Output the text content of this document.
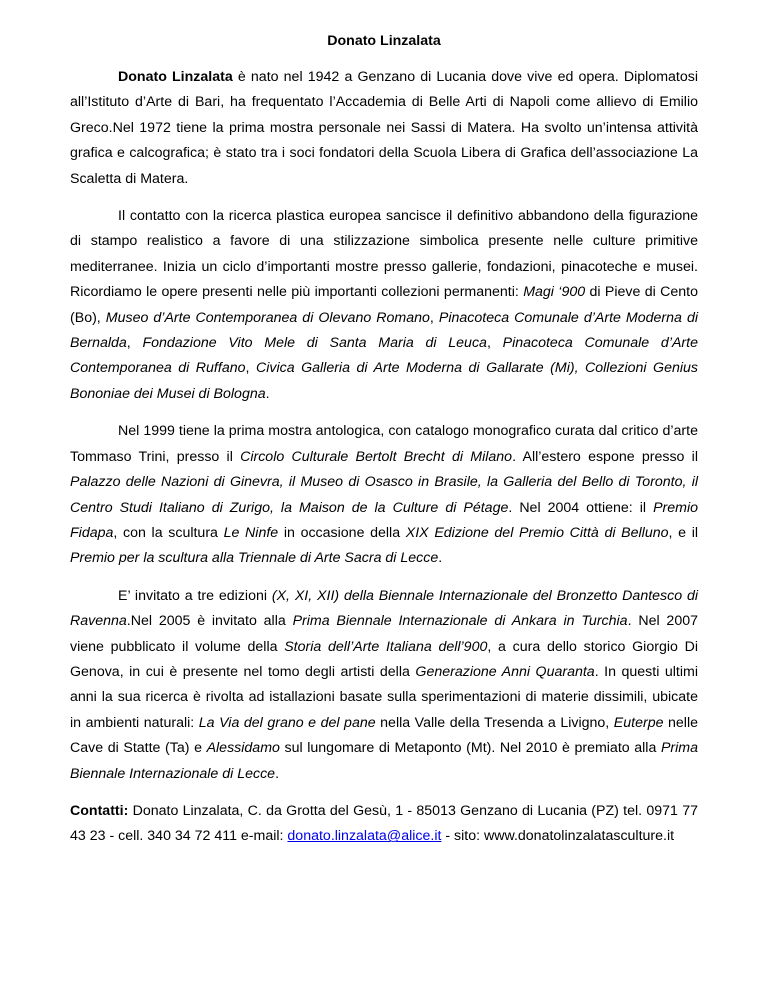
Donato Linzalata

Donato Linzalata è nato nel 1942 a Genzano di Lucania dove vive ed opera. Diplomatosi all’Istituto d’Arte di Bari, ha frequentato l’Accademia di Belle Arti di Napoli come allievo di Emilio Greco.Nel 1972 tiene la prima mostra personale nei Sassi di Matera. Ha svolto un’intensa attività grafica e calcografica; è stato tra i soci fondatori della Scuola Libera di Grafica dell’associazione La Scaletta di Matera.

Il contatto con la ricerca plastica europea sancisce il definitivo abbandono della figurazione di stampo realistico a favore di una stilizzazione simbolica presente nelle culture primitive mediterranee. Inizia un ciclo d’importanti mostre presso gallerie, fondazioni, pinacoteche e musei. Ricordiamo le opere presenti nelle più importanti collezioni permanenti: Magi ‘900 di Pieve di Cento (Bo), Museo d’Arte Contemporanea di Olevano Romano, Pinacoteca Comunale d’Arte Moderna di Bernalda, Fondazione Vito Mele di Santa Maria di Leuca, Pinacoteca Comunale d’Arte Contemporanea di Ruffano, Civica Galleria di Arte Moderna di Gallarate (Mi), Collezioni Genius Bononiae dei Musei di Bologna.

Nel 1999 tiene la prima mostra antologica, con catalogo monografico curata dal critico d’arte Tommaso Trini, presso il Circolo Culturale Bertolt Brecht di Milano. All’estero espone presso il Palazzo delle Nazioni di Ginevra, il Museo di Osasco in Brasile, la Galleria del Bello di Toronto, il Centro Studi Italiano di Zurigo, la Maison de la Culture di Pétage. Nel 2004 ottiene: il Premio Fidapa, con la scultura Le Ninfe in occasione della XIX Edizione del Premio Città di Belluno, e il Premio per la scultura alla Triennale di Arte Sacra di Lecce.

E’ invitato a tre edizioni (X, XI, XII) della Biennale Internazionale del Bronzetto Dantesco di Ravenna.Nel 2005 è invitato alla Prima Biennale Internazionale di Ankara in Turchia. Nel 2007 viene pubblicato il volume della Storia dell’Arte Italiana dell’900, a cura dello storico Giorgio Di Genova, in cui è presente nel tomo degli artisti della Generazione Anni Quaranta. In questi ultimi anni la sua ricerca è rivolta ad istallazioni basate sulla sperimentazioni di materie dissimili, ubicate in ambienti naturali: La Via del grano e del pane nella Valle della Tresenda a Livigno, Euterpe nelle Cave di Statte (Ta) e Alessidamo sul lungomare di Metaponto (Mt). Nel 2010 è premiato alla Prima Biennale Internazionale di Lecce.

Contatti: Donato Linzalata, C. da Grotta del Gesù, 1 - 85013 Genzano di Lucania (PZ) tel. 0971 77 43 23 - cell. 340 34 72 411 e-mail: donato.linzalata@alice.it - sito: www.donatolinzalatasculture.it
